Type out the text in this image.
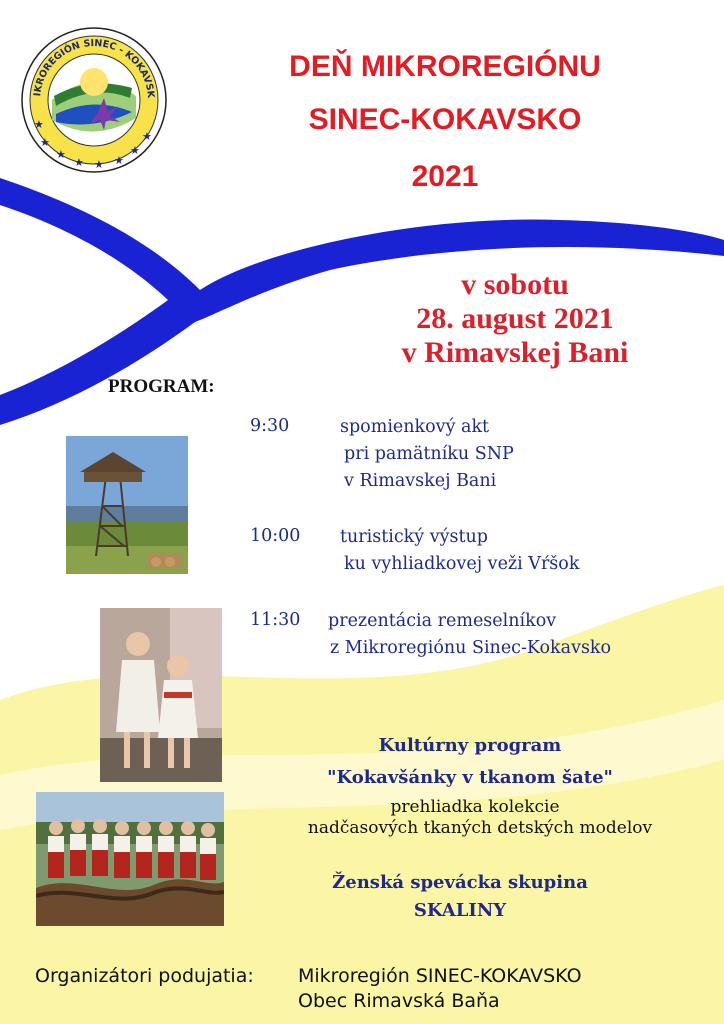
IKROREGIÓN SINEC - KOKAVSK
★
★
★ ★ ★
★
★
★
DEŇ MIKROREGIÓNU
SINEC-KOKAVSKO
2021
v sobotu
28. august 2021
v Rimavskej Bani
PROGRAM:
9:30	spomienkový akt
pri pamätníku SNP
v Rimavskej Bani
10:00 turistický výstup
ku vyhliadkovej veži Vŕšok
11:30 prezentácia remeselníkov
z Mikroregiónu Sinec-Kokavsko
Kultúrny program
"Kokavšánky v tkanom šate"
prehliadka kolekcie
nadčasových tkaných detských modelov
Ženská spevácka skupina
SKALINY
Organizátori podujatia: Mikroregión SINEC-KOKAVSKO
Obec Rimavská Baňa
